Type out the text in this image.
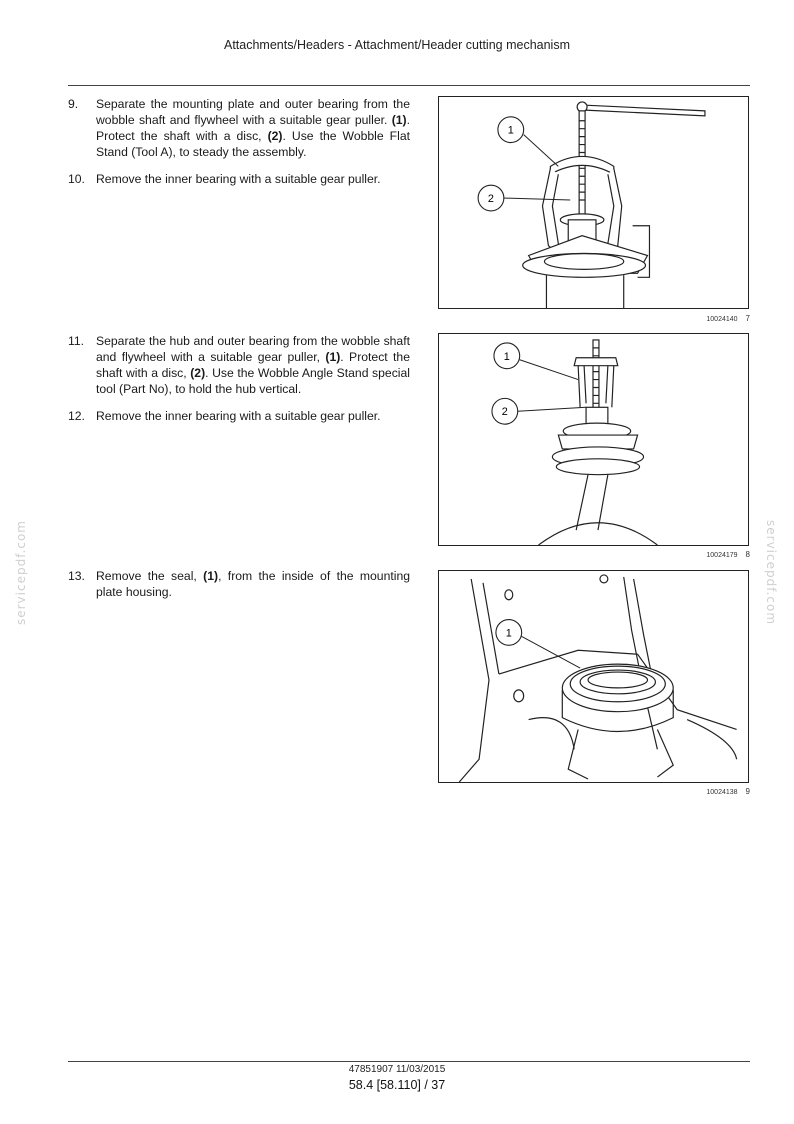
Attachments/Headers - Attachment/Header cutting mechanism
9.	Separate the mounting plate and outer bearing from the wobble shaft and flywheel with a suitable gear puller. (1). Protect the shaft with a disc, (2). Use the Wobble Flat Stand (Tool A), to steady the assembly.
10. Remove the inner bearing with a suitable gear puller.
11. Separate the hub and outer bearing from the wobble shaft and flywheel with a suitable gear puller, (1). Protect the shaft with a disc, (2). Use the Wobble Angle Stand special tool (Part No), to hold the hub vertical.
12. Remove the inner bearing with a suitable gear puller.
13. Remove the seal, (1), from the inside of the mounting plate housing.
1
2
10024140 7
1
2
10024179 8
1
10024138 9
servicepdf.com	servicepdf.com
47851907 11/03/2015
58.4 [58.110] / 37
